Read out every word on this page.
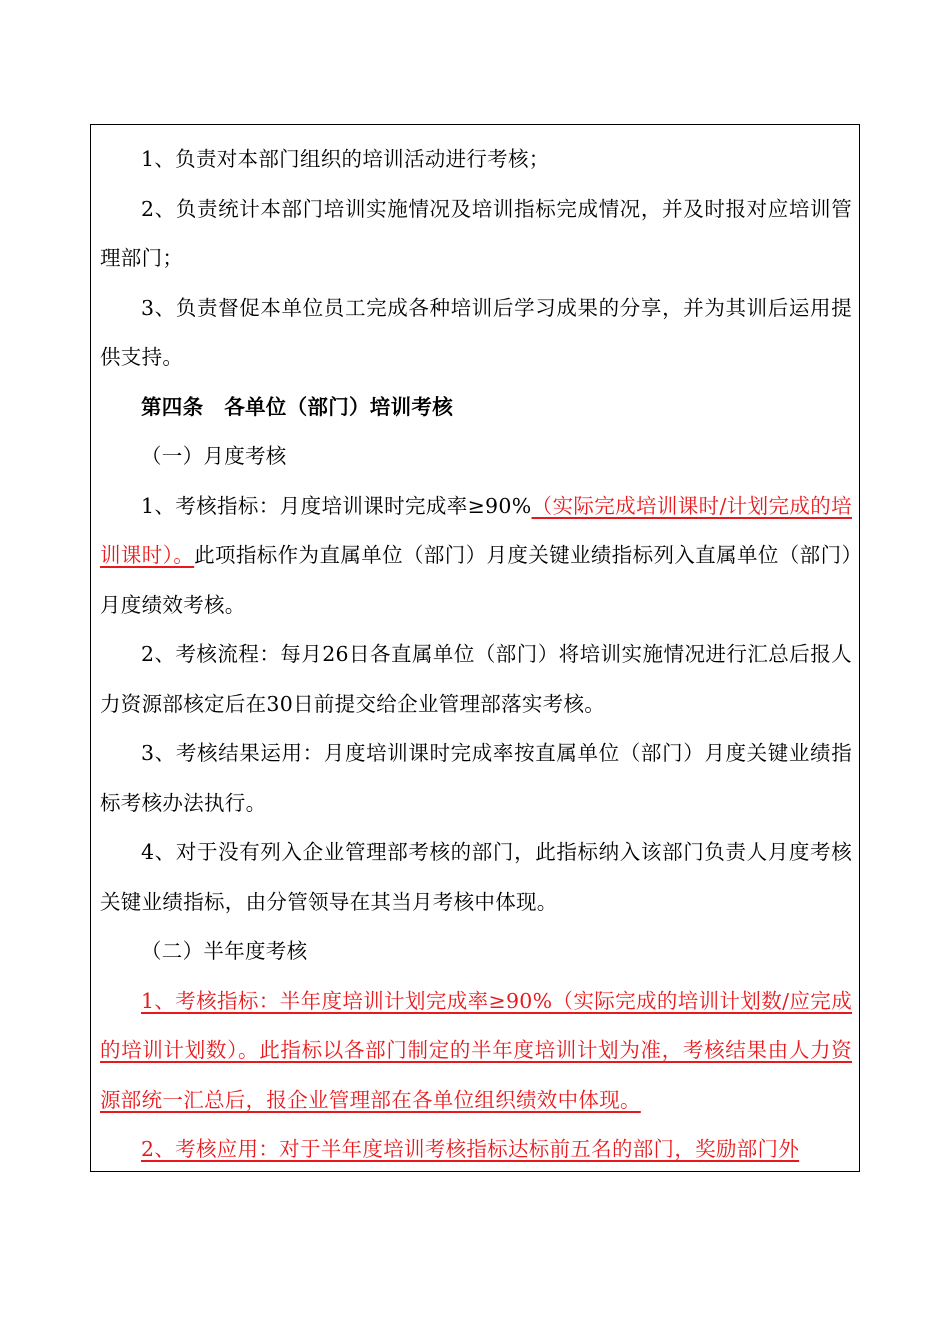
1、负责对本部门组织的培训活动进行考核；

2、负责统计本部门培训实施情况及培训指标完成情况，并及时报对应培训管理部门；

3、负责督促本单位员工完成各种培训后学习成果的分享，并为其训后运用提供支持。

第四条　各单位（部门）培训考核

（一）月度考核

1、考核指标：月度培训课时完成率≥90%（实际完成培训课时/计划完成的培训课时）。此项指标作为直属单位（部门）月度关键业绩指标列入直属单位（部门）月度绩效考核。

2、考核流程：每月26日各直属单位（部门）将培训实施情况进行汇总后报人力资源部核定后在30日前提交给企业管理部落实考核。

3、考核结果运用：月度培训课时完成率按直属单位（部门）月度关键业绩指标考核办法执行。

4、对于没有列入企业管理部考核的部门，此指标纳入该部门负责人月度考核关键业绩指标，由分管领导在其当月考核中体现。

（二）半年度考核

1、考核指标：半年度培训计划完成率≥90%（实际完成的培训计划数/应完成的培训计划数）。此指标以各部门制定的半年度培训计划为准，考核结果由人力资源部统一汇总后，报企业管理部在各单位组织绩效中体现。

2、考核应用：对于半年度培训考核指标达标前五名的部门，奖励部门外
